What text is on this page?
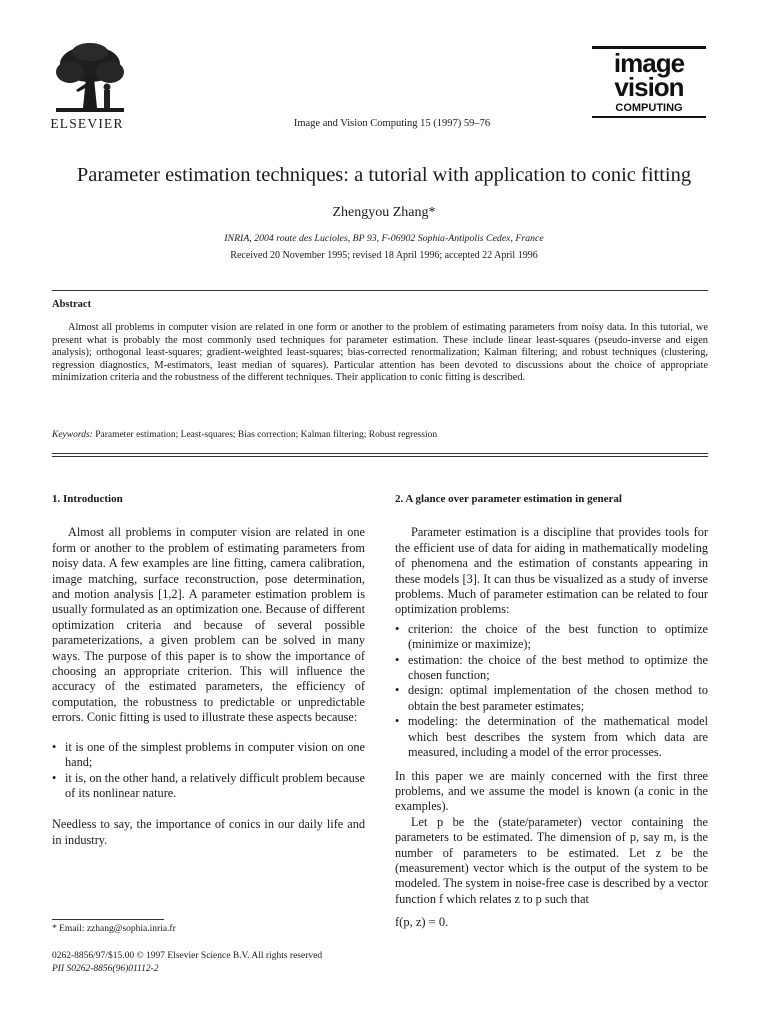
ELSEVIER	Image and Vision Computing 15 (1997) 59–76
image
vision
COMPUTING
Parameter estimation techniques: a tutorial with application to conic fitting
Zhengyou Zhang*
INRIA, 2004 route des Lucioles, BP 93, F-06902 Sophia-Antipolis Cedex, France
Received 20 November 1995; revised 18 April 1996; accepted 22 April 1996
Abstract

Almost all problems in computer vision are related in one form or another to the problem of estimating parameters from noisy data. In this tutorial, we present what is probably the most commonly used techniques for parameter estimation. These include linear least-squares (pseudo-inverse and eigen analysis); orthogonal least-squares; gradient-weighted least-squares; bias-corrected renormalization; Kalman filtering; and robust techniques (clustering, regression diagnostics, M-estimators, least median of squares). Particular attention has been devoted to discussions about the choice of appropriate minimization criteria and the robustness of the different techniques. Their application to conic fitting is described.

Keywords: Parameter estimation; Least-squares; Bias correction; Kalman filtering; Robust regression
1. Introduction

Almost all problems in computer vision are related in one form or another to the problem of estimating parameters from noisy data. A few examples are line fitting, camera calibration, image matching, surface reconstruction, pose determination, and motion analysis [1,2]. A parameter estimation problem is usually formulated as an optimization one. Because of different optimization criteria and because of several possible parameterizations, a given problem can be solved in many ways. The purpose of this paper is to show the importance of choosing an appropriate criterion. This will influence the accuracy of the estimated parameters, the efficiency of computation, the robustness to predictable or unpredictable errors. Conic fitting is used to illustrate these aspects because:

• it is one of the simplest problems in computer vision on one hand;
• it is, on the other hand, a relatively difficult problem because of its nonlinear nature.

Needless to say, the importance of conics in our daily life and in industry.

* Email: zzhang@sophia.inria.fr
0262-8856/97/$15.00 © 1997 Elsevier Science B.V. All rights reserved
PII S0262-8856(96)01112-2
2. A glance over parameter estimation in general

Parameter estimation is a discipline that provides tools for the efficient use of data for aiding in mathematically modeling of phenomena and the estimation of constants appearing in these models [3]. It can thus be visualized as a study of inverse problems. Much of parameter estimation can be related to four optimization problems:

• criterion: the choice of the best function to optimize (minimize or maximize);
• estimation: the choice of the best method to optimize the chosen function;
• design: optimal implementation of the chosen method to obtain the best parameter estimates;
• modeling: the determination of the mathematical model which best describes the system from which data are measured, including a model of the error processes.

In this paper we are mainly concerned with the first three problems, and we assume the model is known (a conic in the examples).

Let p be the (state/parameter) vector containing the parameters to be estimated. The dimension of p, say m, is the number of parameters to be estimated. Let z be the (measurement) vector which is the output of the system to be modeled. The system in noise-free case is described by a vector function f which relates z to p such that

f(p, z) = 0.
